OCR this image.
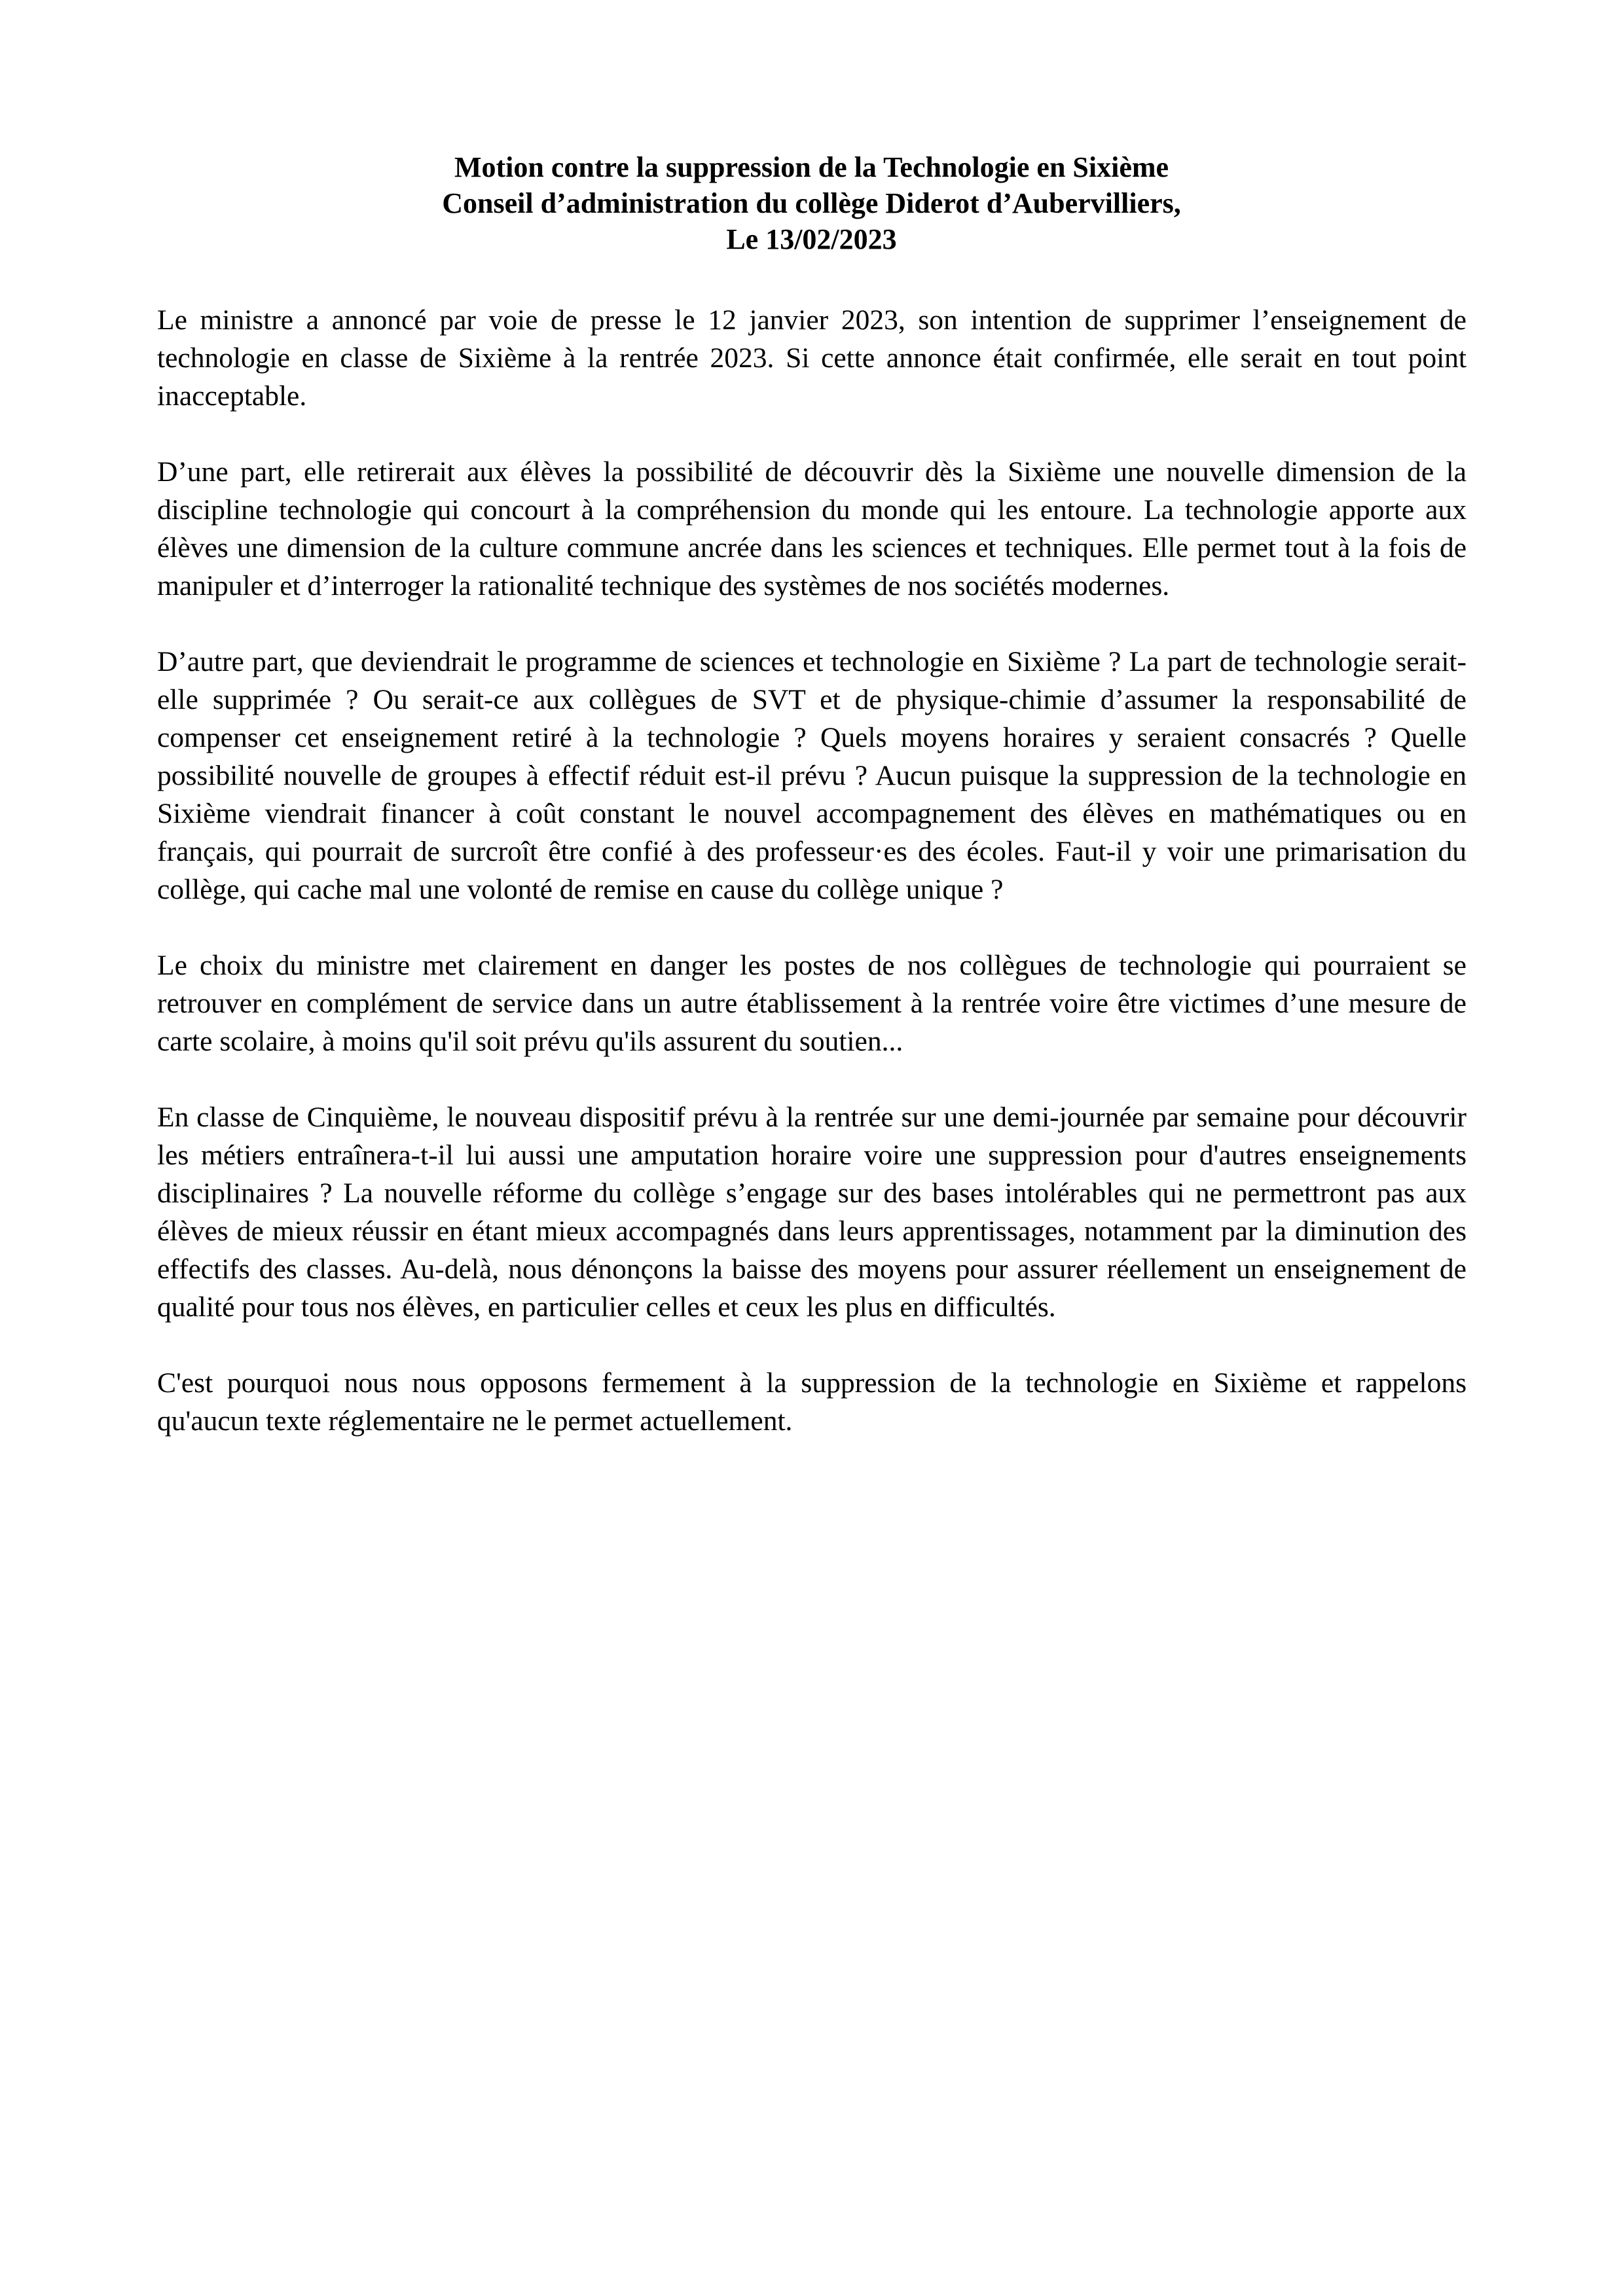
Motion contre la suppression de la Technologie en Sixième
Conseil d’administration du collège Diderot d’Aubervilliers,
Le 13/02/2023

Le ministre a annoncé par voie de presse le 12 janvier 2023, son intention de supprimer l’enseignement de technologie en classe de Sixième à la rentrée 2023. Si cette annonce était confirmée, elle serait en tout point inacceptable.

D’une part, elle retirerait aux élèves la possibilité de découvrir dès la Sixième une nouvelle dimension de la discipline technologie qui concourt à la compréhension du monde qui les entoure. La technologie apporte aux élèves une dimension de la culture commune ancrée dans les sciences et techniques. Elle permet tout à la fois de manipuler et d’interroger la rationalité technique des systèmes de nos sociétés modernes.

D’autre part, que deviendrait le programme de sciences et technologie en Sixième ? La part de technologie serait-elle supprimée ? Ou serait-ce aux collègues de SVT et de physique-chimie d’assumer la responsabilité de compenser cet enseignement retiré à la technologie ? Quels moyens horaires y seraient consacrés ? Quelle possibilité nouvelle de groupes à effectif réduit est-il prévu ? Aucun puisque la suppression de la technologie en Sixième viendrait financer à coût constant le nouvel accompagnement des élèves en mathématiques ou en français, qui pourrait de surcroît être confié à des professeur·es des écoles. Faut-il y voir une primarisation du collège, qui cache mal une volonté de remise en cause du collège unique ?

Le choix du ministre met clairement en danger les postes de nos collègues de technologie qui pourraient se retrouver en complément de service dans un autre établissement à la rentrée voire être victimes d’une mesure de carte scolaire, à moins qu'il soit prévu qu'ils assurent du soutien...

En classe de Cinquième, le nouveau dispositif prévu à la rentrée sur une demi-journée par semaine pour découvrir les métiers entraînera-t-il lui aussi une amputation horaire voire une suppression pour d'autres enseignements disciplinaires ? La nouvelle réforme du collège s’engage sur des bases intolérables qui ne permettront pas aux élèves de mieux réussir en étant mieux accompagnés dans leurs apprentissages, notamment par la diminution des effectifs des classes. Au-delà, nous dénonçons la baisse des moyens pour assurer réellement un enseignement de qualité pour tous nos élèves, en particulier celles et ceux les plus en difficultés.

C'est pourquoi nous nous opposons fermement à la suppression de la technologie en Sixième et rappelons qu'aucun texte réglementaire ne le permet actuellement.
